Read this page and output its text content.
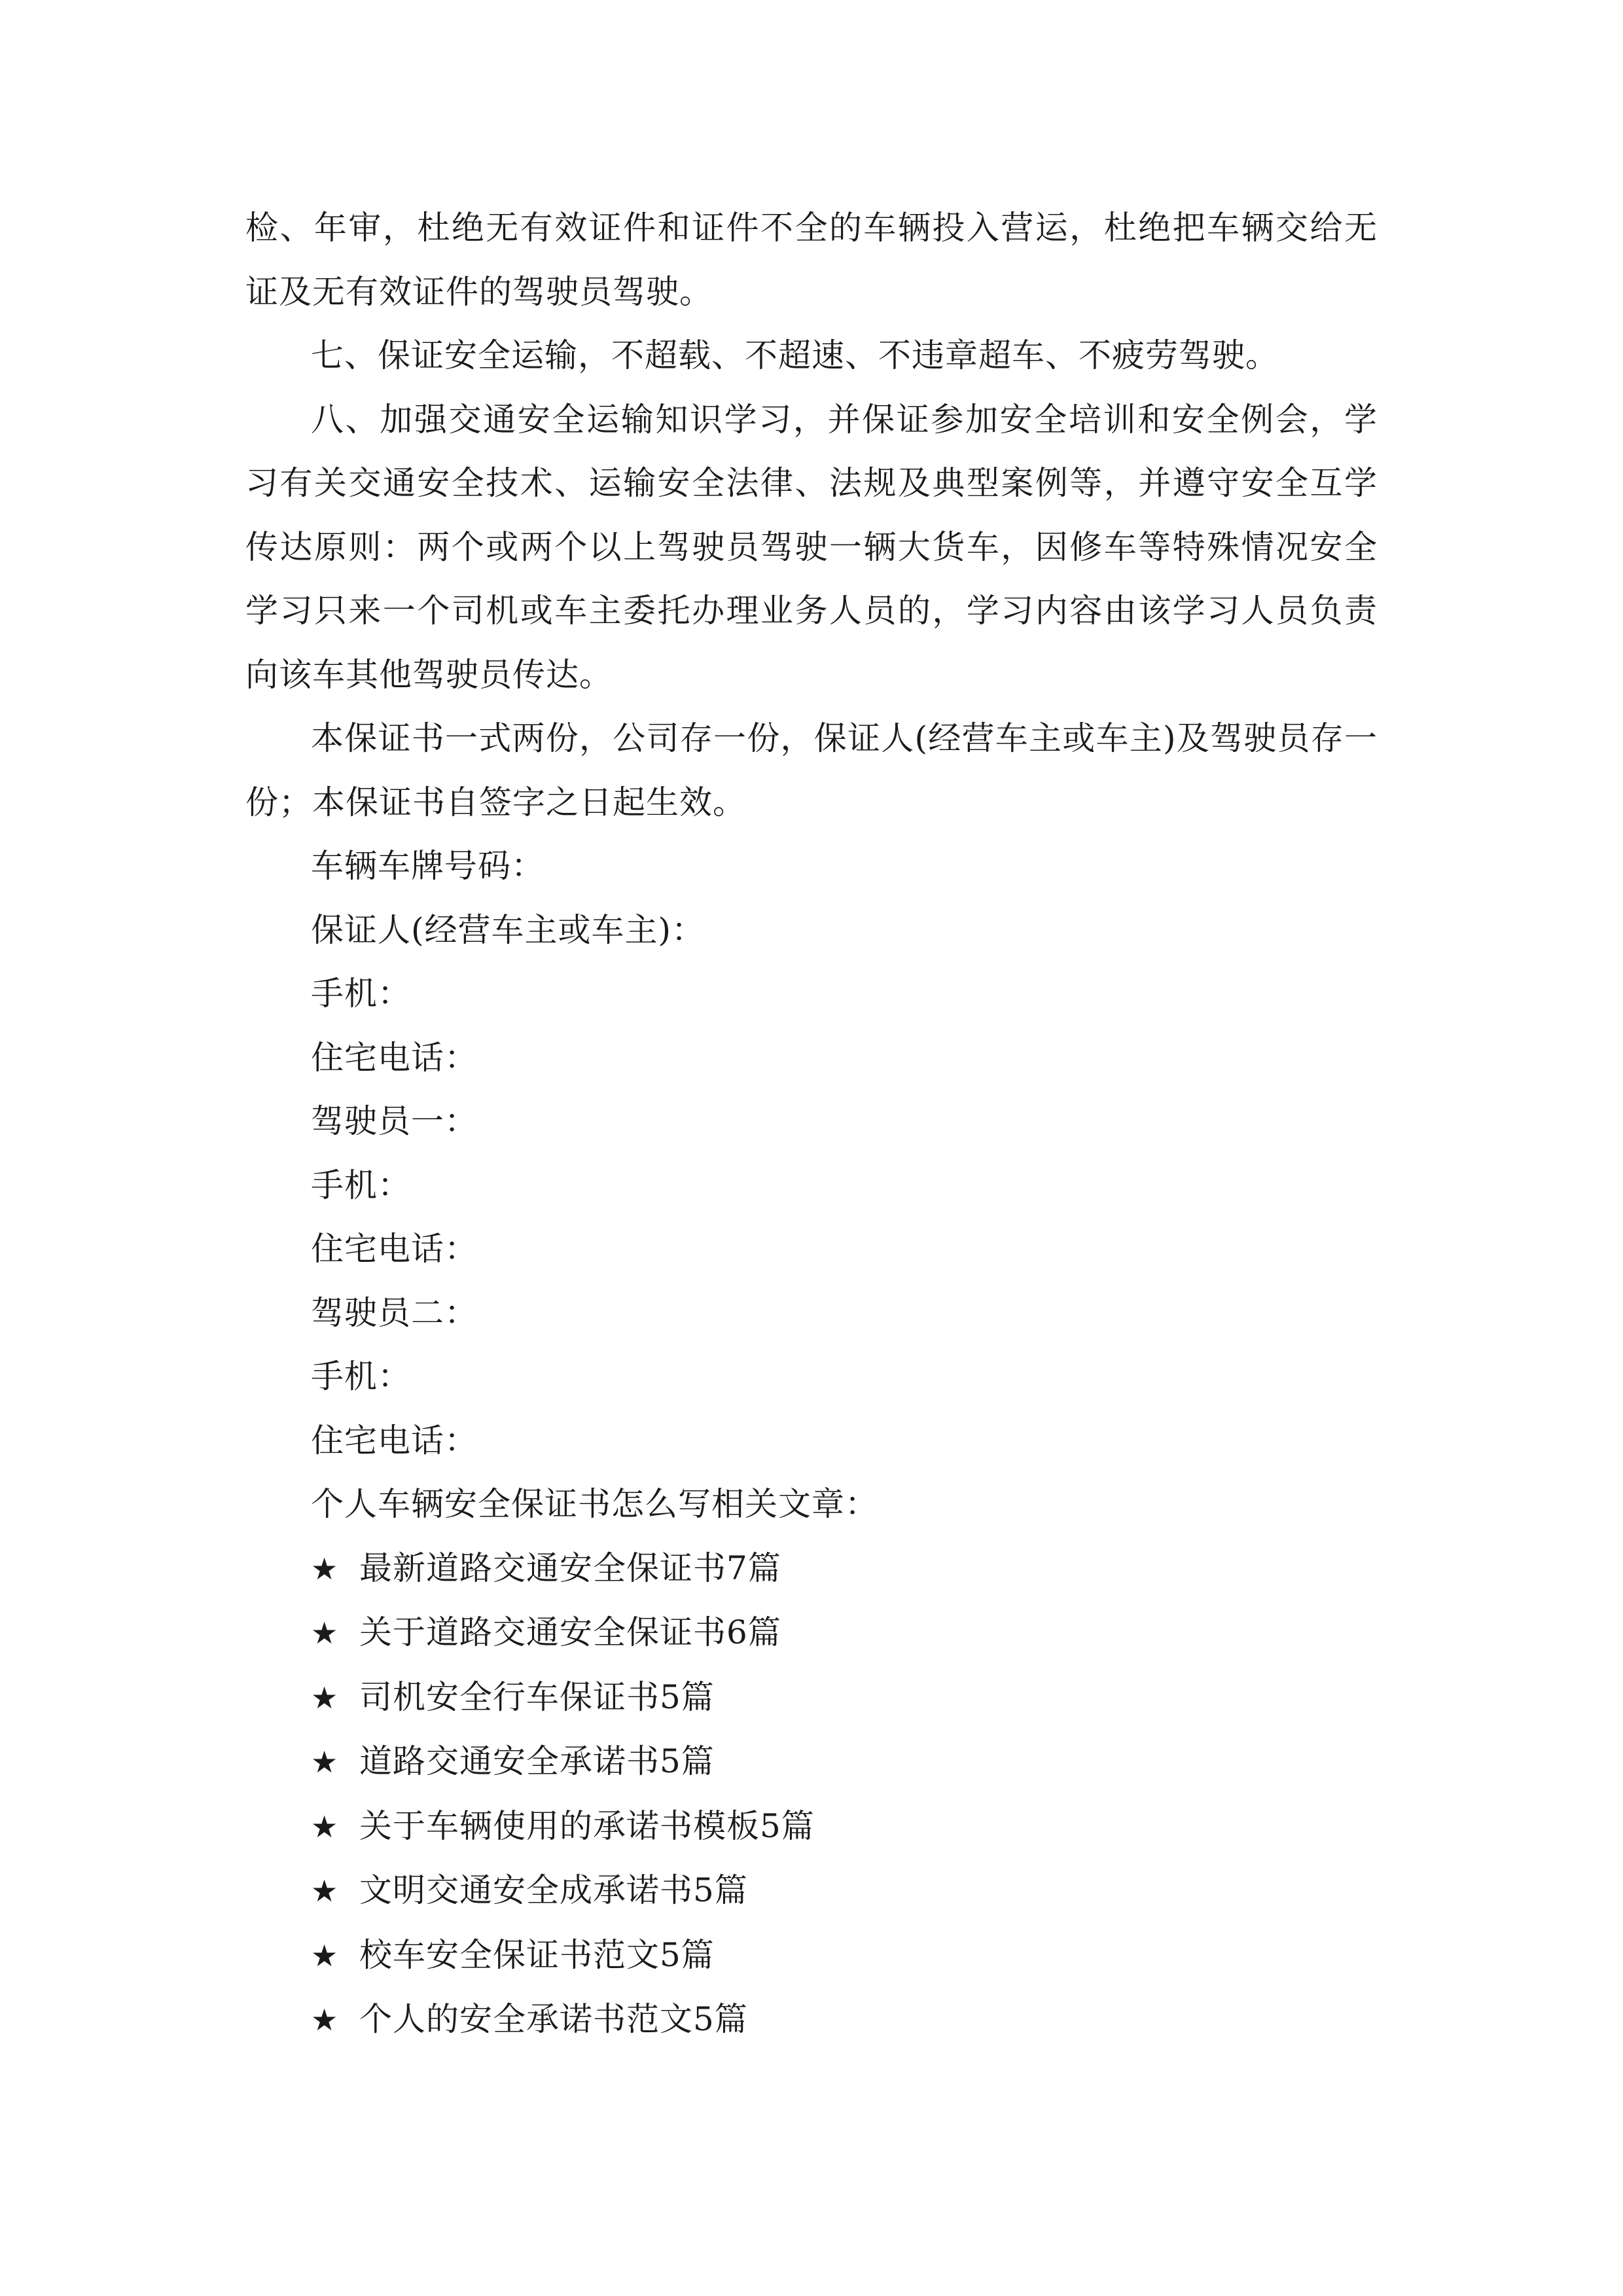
检、年审，杜绝无有效证件和证件不全的车辆投入营运，杜绝把车辆交给无证及无有效证件的驾驶员驾驶。

七、保证安全运输，不超载、不超速、不违章超车、不疲劳驾驶。

八、加强交通安全运输知识学习，并保证参加安全培训和安全例会，学习有关交通安全技术、运输安全法律、法规及典型案例等，并遵守安全互学传达原则：两个或两个以上驾驶员驾驶一辆大货车，因修车等特殊情况安全学习只来一个司机或车主委托办理业务人员的，学习内容由该学习人员负责向该车其他驾驶员传达。

本保证书一式两份，公司存一份，保证人(经营车主或车主)及驾驶员存一份；本保证书自签字之日起生效。

车辆车牌号码：

保证人(经营车主或车主)：

手机：

住宅电话：

驾驶员一：

手机：

住宅电话：

驾驶员二：

手机：

住宅电话：

个人车辆安全保证书怎么写相关文章：

★ 最新道路交通安全保证书7篇
★ 关于道路交通安全保证书6篇
★ 司机安全行车保证书5篇
★ 道路交通安全承诺书5篇
★ 关于车辆使用的承诺书模板5篇
★ 文明交通安全成承诺书5篇
★ 校车安全保证书范文5篇
★ 个人的安全承诺书范文5篇
